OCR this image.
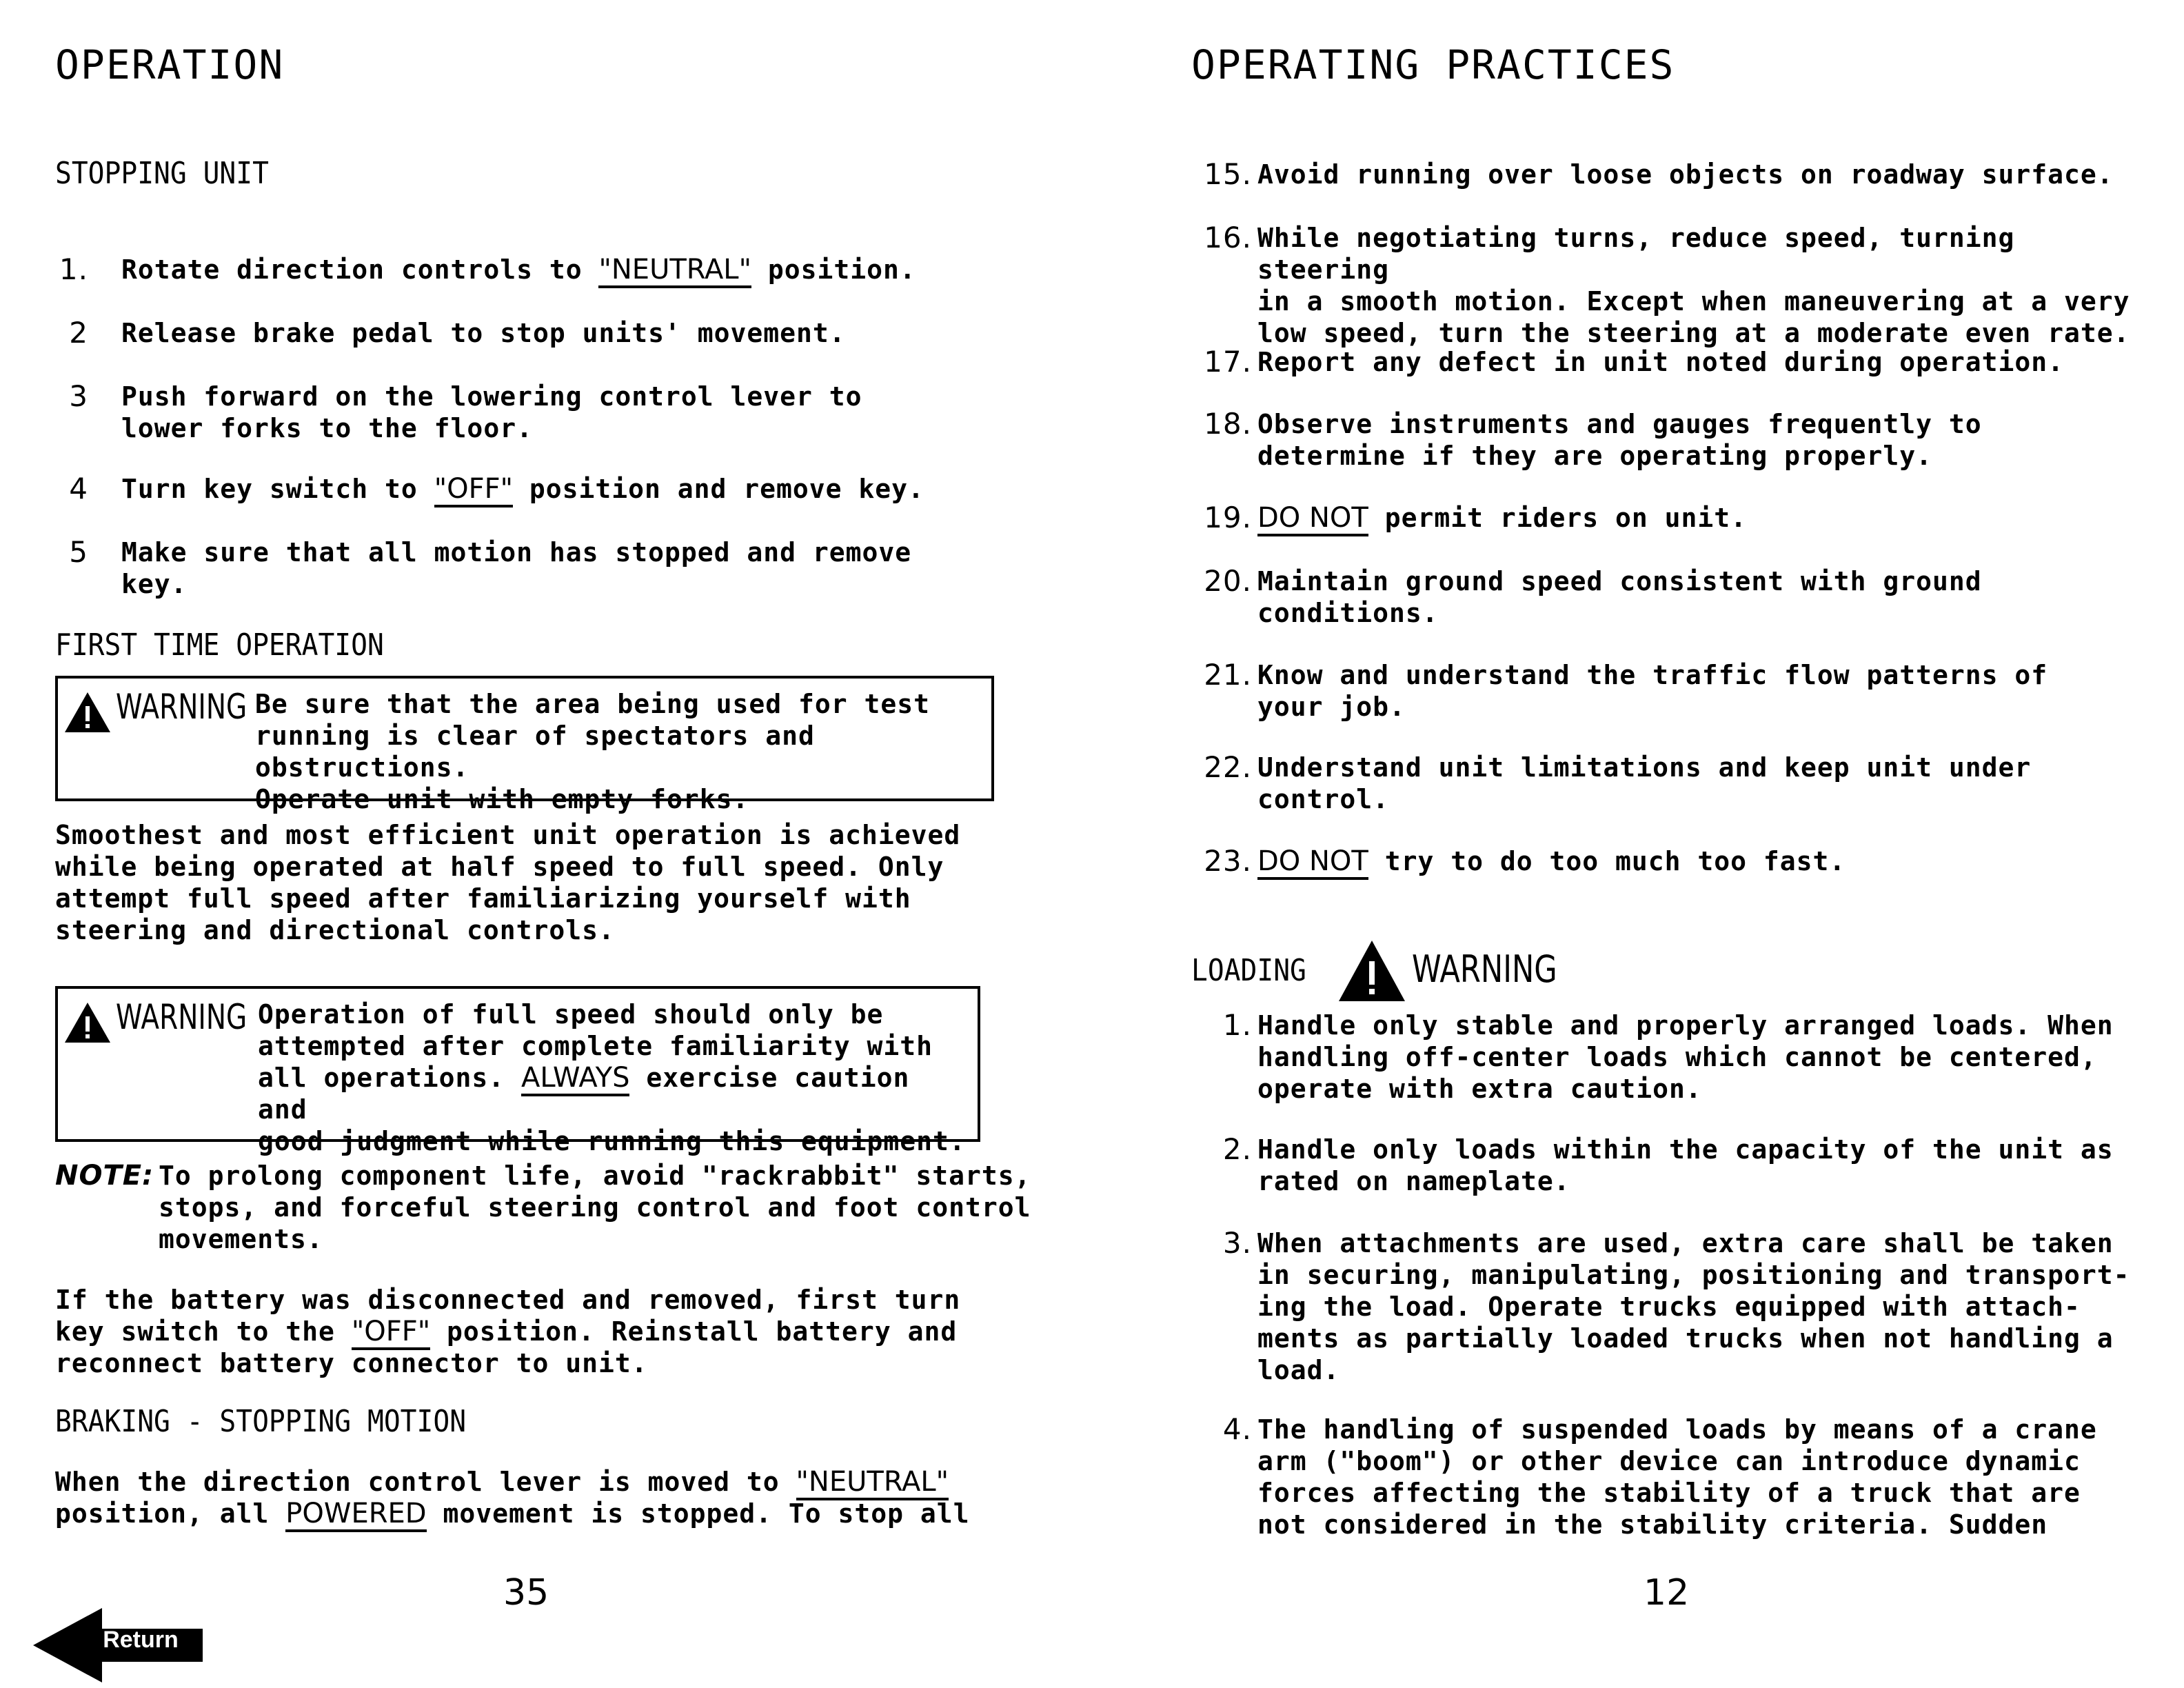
OPERATION
STOPPING UNIT
1. Rotate direction controls to "NEUTRAL" position.
2 Release brake pedal to stop units' movement.
3 Push forward on the lowering control lever to lower forks to the floor.
4 Turn key switch to "OFF" position and remove key.
5 Make sure that all motion has stopped and remove key.
FIRST TIME OPERATION
WARNING Be sure that the area being used for test
running is clear of spectators and obstructions.
Operate unit with empty forks.
Smoothest and most efficient unit operation is achieved
while being operated at half speed to full speed. Only
attempt full speed after familiarizing yourself with
steering and directional controls.
WARNING Operation of full speed should only be
attempted after complete familiarity with
all operations. ALWAYS exercise caution and
good judgment while running this equipment.
NOTE: To prolong component life, avoid "rackrabbit" starts,
stops, and forceful steering control and foot control
movements.
If the battery was disconnected and removed, first turn
key switch to the "OFF" position. Reinstall battery and
reconnect battery connector to unit.
BRAKING - STOPPING MOTION
When the direction control lever is moved to "NEUTRAL"
position, all POWERED movement is stopped. To stop all
35
Return
OPERATING PRACTICES
15. Avoid running over loose objects on roadway surface.
16. While negotiating turns, reduce speed, turning steering
in a smooth motion. Except when maneuvering at a very
low speed, turn the steering at a moderate even rate.
17. Report any defect in unit noted during operation.
18. Observe instruments and gauges frequently to
determine if they are operating properly.
19. DO NOT permit riders on unit.
20. Maintain ground speed consistent with ground
conditions.
21. Know and understand the traffic flow patterns of
your job.
22. Understand unit limitations and keep unit under
control.
23. DO NOT try to do too much too fast.
LOADING	WARNING
1. Handle only stable and properly arranged loads. When
handling off-center loads which cannot be centered,
operate with extra caution.
2. Handle only loads within the capacity of the unit as
rated on nameplate.
3. When attachments are used, extra care shall be taken
in securing, manipulating, positioning and transport-
ing the load. Operate trucks equipped with attach-
ments as partially loaded trucks when not handling a
load.
4. The handling of suspended loads by means of a crane
arm ("boom") or other device can introduce dynamic
forces affecting the stability of a truck that are
not considered in the stability criteria. Sudden
12
